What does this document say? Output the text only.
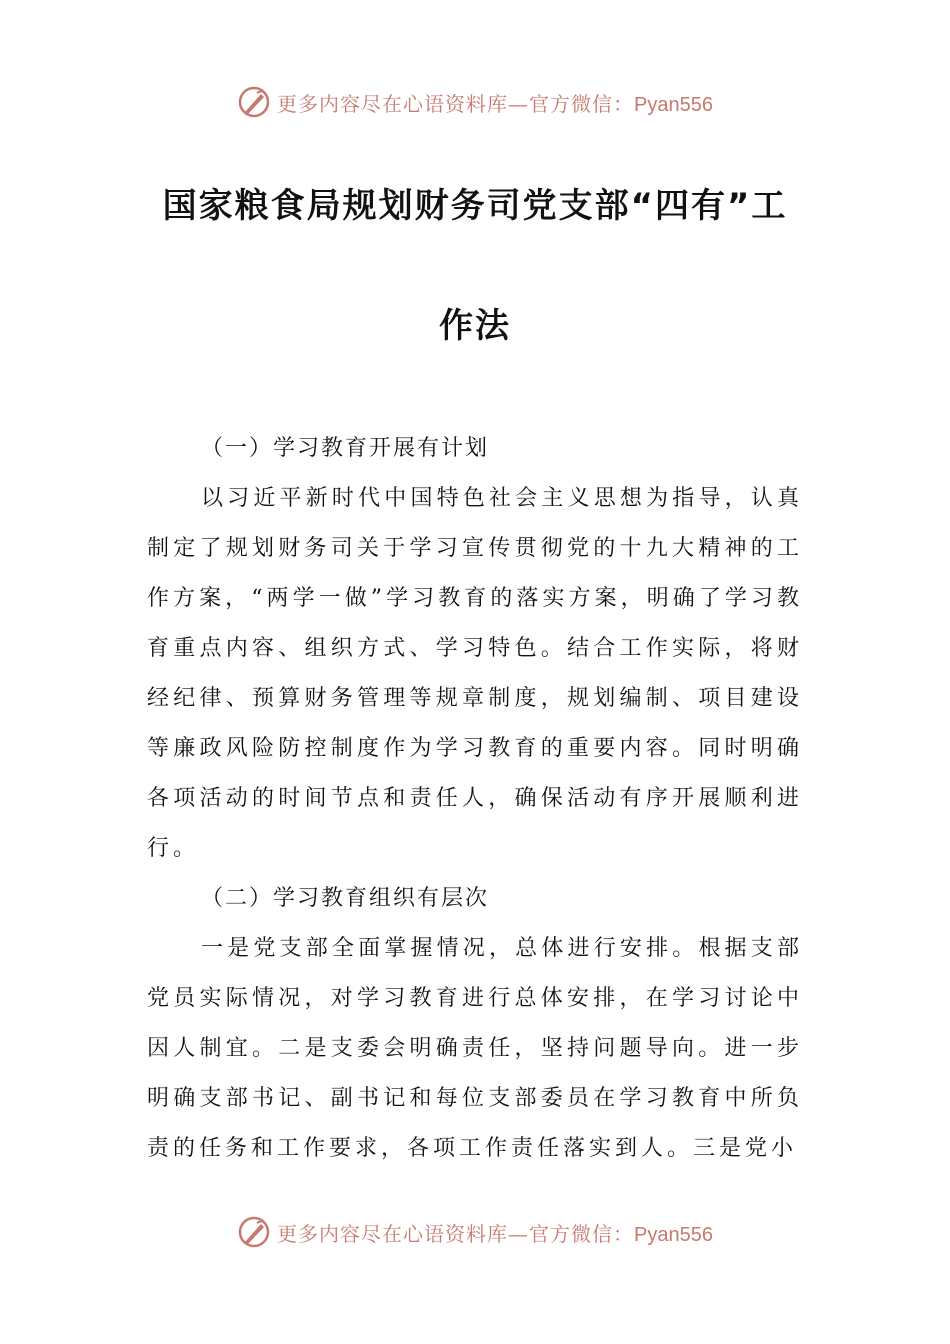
更多内容尽在心语资料库—官方微信：Pyan556
国家粮食局规划财务司党支部“四有”工
作法
（一）学习教育开展有计划

以习近平新时代中国特色社会主义思想为指导，认真制定了规划财务司关于学习宣传贯彻党的十九大精神的工作方案，“两学一做”学习教育的落实方案，明确了学习教育重点内容、组织方式、学习特色。结合工作实际，将财经纪律、预算财务管理等规章制度，规划编制、项目建设等廉政风险防控制度作为学习教育的重要内容。同时明确各项活动的时间节点和责任人，确保活动有序开展顺利进行。

（二）学习教育组织有层次

一是党支部全面掌握情况，总体进行安排。根据支部党员实际情况，对学习教育进行总体安排，在学习讨论中因人制宜。二是支委会明确责任，坚持问题导向。进一步明确支部书记、副书记和每位支部委员在学习教育中所负责的任务和工作要求，各项工作责任落实到人。三是党小

更多内容尽在心语资料库—官方微信：Pyan556
